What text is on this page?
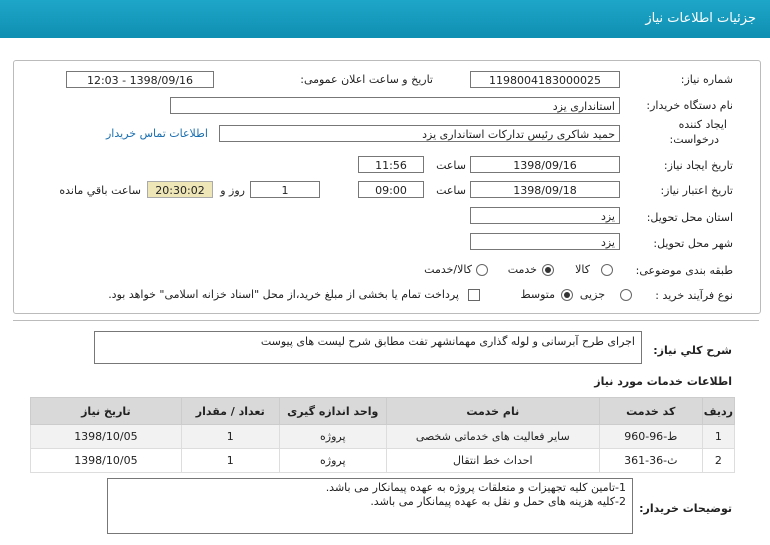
جزئیات اطلاعات نیاز
شماره نیاز:
1198004183000025
تاریخ و ساعت اعلان عمومی:
1398/09/16 - 12:03
نام دستگاه خریدار:
استانداری یزد
ایجاد کننده
درخواست:
حمید شاکری رئیس تدارکات استانداری یزد
اطلاعات تماس خریدار
تاریخ ایجاد نیاز:
1398/09/16
ساعت
11:56
تاریخ اعتبار نیاز:
1398/09/18
ساعت
09:00
1
روز و
20:30:02
ساعت باقي مانده
استان محل تحویل:
یزد
شهر محل تحویل:
یزد
طبقه بندی موضوعی:
کالا
خدمت
کالا/خدمت
نوع فرآیند خرید :
جزیی
متوسط
پرداخت تمام یا بخشی از مبلغ خرید،از محل "اسناد خزانه اسلامی" خواهد بود.
شرح کلي نیاز:
اجرای طرح آبرسانی و لوله گذاری مهمانشهر تفت مطابق شرح لیست های پیوست
اطلاعات خدمات مورد نیاز
ردیف	کد خدمت	نام خدمت	واحد اندازه گیری	تعداد / مقدار	تاریخ نیاز
1	ط-96-960	سایر فعالیت های خدماتی شخصی	پروژه	1	1398/10/05
2	ث-36-361	احداث خط انتقال	پروژه	1	1398/10/05
توضیحات خریدار:
1-تامین کلیه تجهیزات و متعلقات پروژه به عهده پیمانکار می باشد.
2-کلیه هزینه های حمل و نقل به عهده پیمانکار می باشد.
